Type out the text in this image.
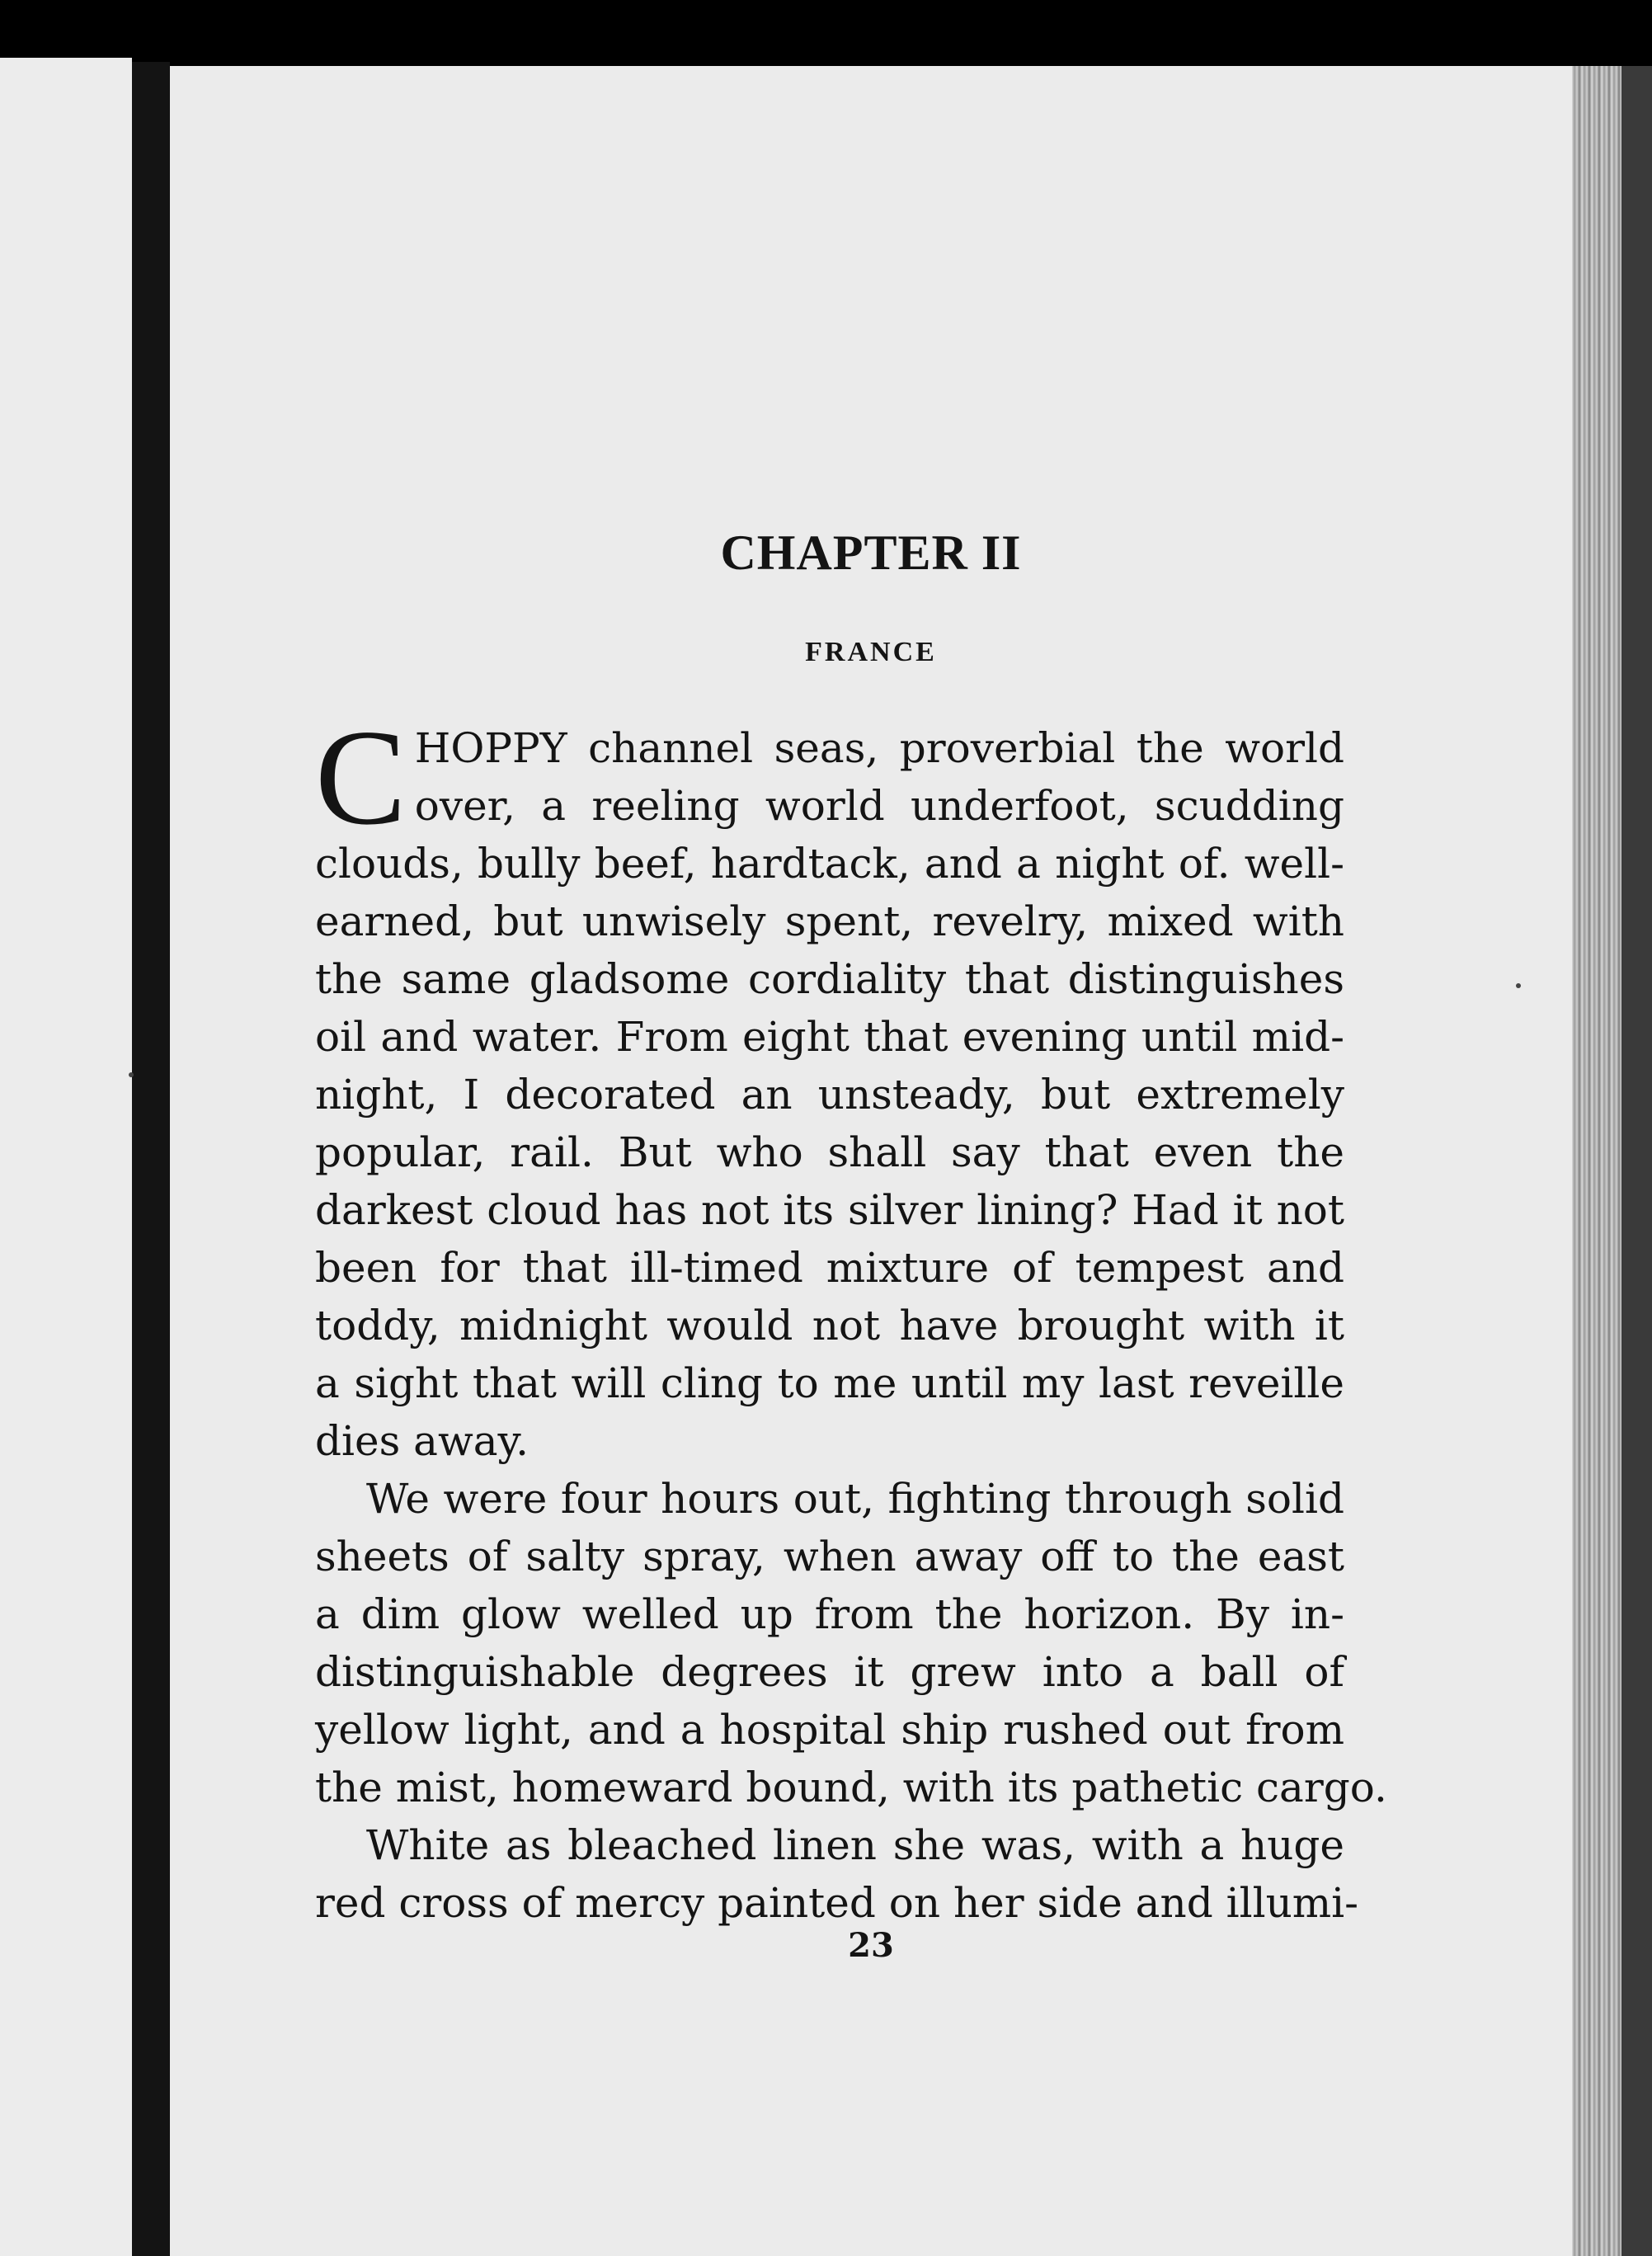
CHAPTER II
FRANCE
C HOPPY channel seas, proverbial the world
over, a reeling world underfoot, scudding
clouds, bully beef, hardtack, and a night of. well-
earned, but unwisely spent, revelry, mixed with
the same gladsome cordiality that distinguishes
oil and water. From eight that evening until mid-
night, I decorated an unsteady, but extremely
popular, rail. But who shall say that even the
darkest cloud has not its silver lining? Had it not
been for that ill-timed mixture of tempest and
toddy, midnight would not have brought with it
a sight that will cling to me until my last reveille
dies away.
We were four hours out, fighting through solid
sheets of salty spray, when away off to the east
a dim glow welled up from the horizon. By in-
distinguishable degrees it grew into a ball of
yellow light, and a hospital ship rushed out from
the mist, homeward bound, with its pathetic cargo.
White as bleached linen she was, with a huge
red cross of mercy painted on her side and illumi-
23
